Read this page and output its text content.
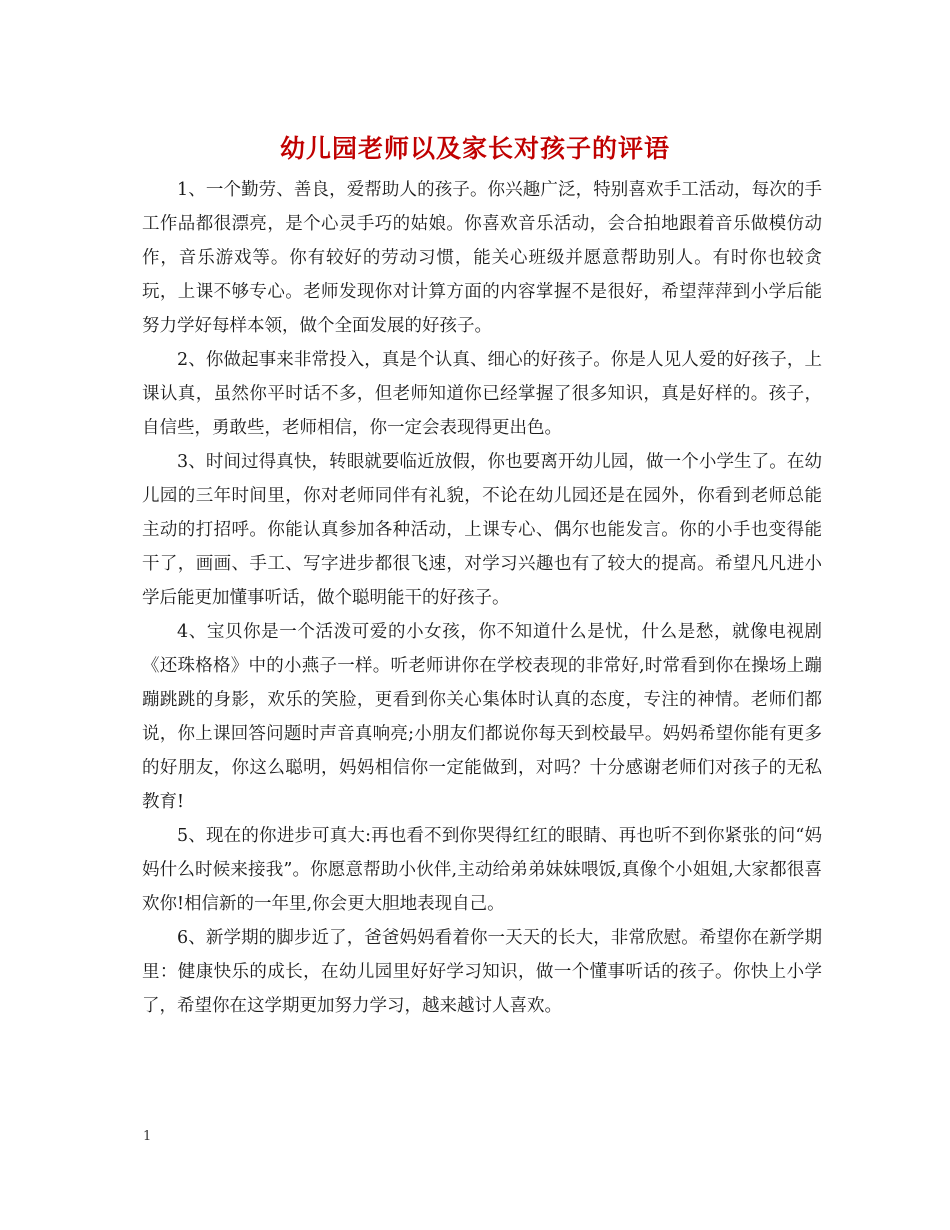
幼儿园老师以及家长对孩子的评语

1、一个勤劳、善良，爱帮助人的孩子。你兴趣广泛，特别喜欢手工活动，每次的手工作品都很漂亮，是个心灵手巧的姑娘。你喜欢音乐活动，会合拍地跟着音乐做模仿动作，音乐游戏等。你有较好的劳动习惯，能关心班级并愿意帮助别人。有时你也较贪玩，上课不够专心。老师发现你对计算方面的内容掌握不是很好，希望萍萍到小学后能努力学好每样本领，做个全面发展的好孩子。

2、你做起事来非常投入，真是个认真、细心的好孩子。你是人见人爱的好孩子，上课认真，虽然你平时话不多，但老师知道你已经掌握了很多知识，真是好样的。孩子，自信些，勇敢些，老师相信，你一定会表现得更出色。

3、时间过得真快，转眼就要临近放假，你也要离开幼儿园，做一个小学生了。在幼儿园的三年时间里，你对老师同伴有礼貌，不论在幼儿园还是在园外，你看到老师总能主动的打招呼。你能认真参加各种活动，上课专心、偶尔也能发言。你的小手也变得能干了，画画、手工、写字进步都很飞速，对学习兴趣也有了较大的提高。希望凡凡进小学后能更加懂事听话，做个聪明能干的好孩子。

4、宝贝你是一个活泼可爱的小女孩，你不知道什么是忧，什么是愁，就像电视剧《还珠格格》中的小燕子一样。听老师讲你在学校表现的非常好,时常看到你在操场上蹦蹦跳跳的身影，欢乐的笑脸，更看到你关心集体时认真的态度，专注的神情。老师们都说，你上课回答问题时声音真响亮;小朋友们都说你每天到校最早。妈妈希望你能有更多的好朋友，你这么聪明，妈妈相信你一定能做到，对吗？十分感谢老师们对孩子的无私教育!

5、现在的你进步可真大:再也看不到你哭得红红的眼睛、再也听不到你紧张的问“妈妈什么时候来接我”。你愿意帮助小伙伴,主动给弟弟妹妹喂饭,真像个小姐姐,大家都很喜欢你!相信新的一年里,你会更大胆地表现自己。

6、新学期的脚步近了，爸爸妈妈看着你一天天的长大，非常欣慰。希望你在新学期里：健康快乐的成长，在幼儿园里好好学习知识，做一个懂事听话的孩子。你快上小学了，希望你在这学期更加努力学习，越来越讨人喜欢。

1
